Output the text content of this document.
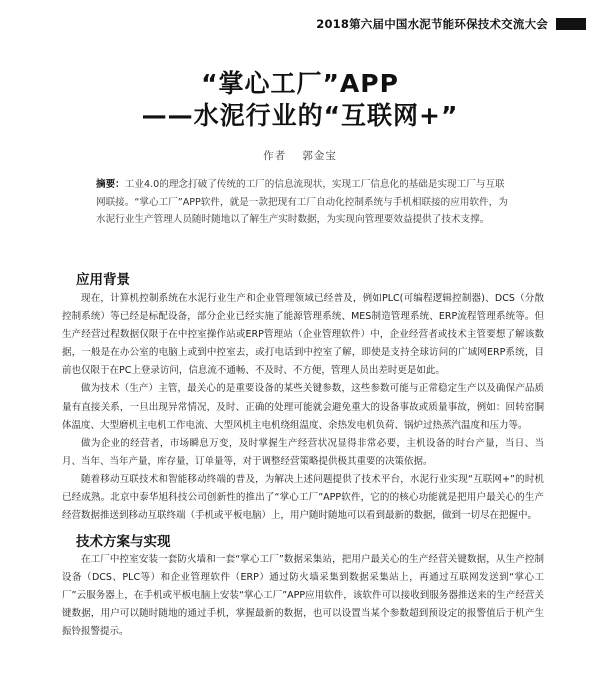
2018第六届中国水泥节能环保技术交流大会
“掌心工厂”APP
——水泥行业的“互联网+”
作者 郭金宝
摘要：工业4.0的理念打破了传统的工厂的信息流现状，实现工厂信息化的基础是实现工厂与互联网联接。“掌心工厂”APP软件，就是一款把现有工厂自动化控制系统与手机相联接的应用软件，为水泥行业生产管理人员随时随地以了解生产实时数据，为实现向管理要效益提供了技术支撑。
应用背景

现在，计算机控制系统在水泥行业生产和企业管理领域已经普及，例如PLC(可编程逻辑控制器)、DCS（分散控制系统）等已经是标配设备，部分企业已经实施了能源管理系统、MES制造管理系统、ERP流程管理系统等。但生产经营过程数据仅限于在中控室操作站或ERP管理站（企业管理软件）中，企业经营者或技术主管要想了解该数据，一般是在办公室的电脑上或到中控室去，或打电话到中控室了解，即使是支持全球访问的广域网ERP系统，目前也仅限于在PC上登录访问，信息流不通畅、不及时、不方便，管理人员出差时更是如此。

做为技术（生产）主管，最关心的是重要设备的某些关键参数，这些参数可能与正常稳定生产以及确保产品质量有直接关系，一旦出现异常情况，及时、正确的处理可能就会避免重大的设备事故或质量事故，例如：回转窑胴体温度、大型磨机主电机工作电流、大型风机主电机绕组温度、余热发电机负荷、锅炉过热蒸汽温度和压力等。

做为企业的经营者，市场瞬息万变，及时掌握生产经营状况显得非常必要，主机设备的时台产量，当日、当月、当年、当年产量，库存量，订单量等，对于调整经营策略提供极其重要的决策依据。

随着移动互联技术和智能移动终端的普及，为解决上述问题提供了技术平台，水泥行业实现“互联网+”的时机已经成熟。北京中泰华旭科技公司创新性的推出了“掌心工厂”APP软件，它的的核心功能就是把用户最关心的生产经营数据推送到移动互联终端（手机或平板电脑）上，用户随时随地可以看到最新的数据，做到一切尽在把握中。

技术方案与实现

在工厂中控室安装一套防火墙和一套“掌心工厂”数据采集站，把用户最关心的生产经营关键数据，从生产控制设备（DCS、PLC等）和企业管理软件（ERP）通过防火墙采集到数据采集站上，再通过互联网发送到“掌心工厂”云服务器上，在手机或平板电脑上安装“掌心工厂”APP应用软件，该软件可以接收到服务器推送来的生产经营关键数据，用户可以随时随地的通过手机，掌握最新的数据，也可以设置当某个参数超到预设定的报警值后于机产生振铃报警提示。
